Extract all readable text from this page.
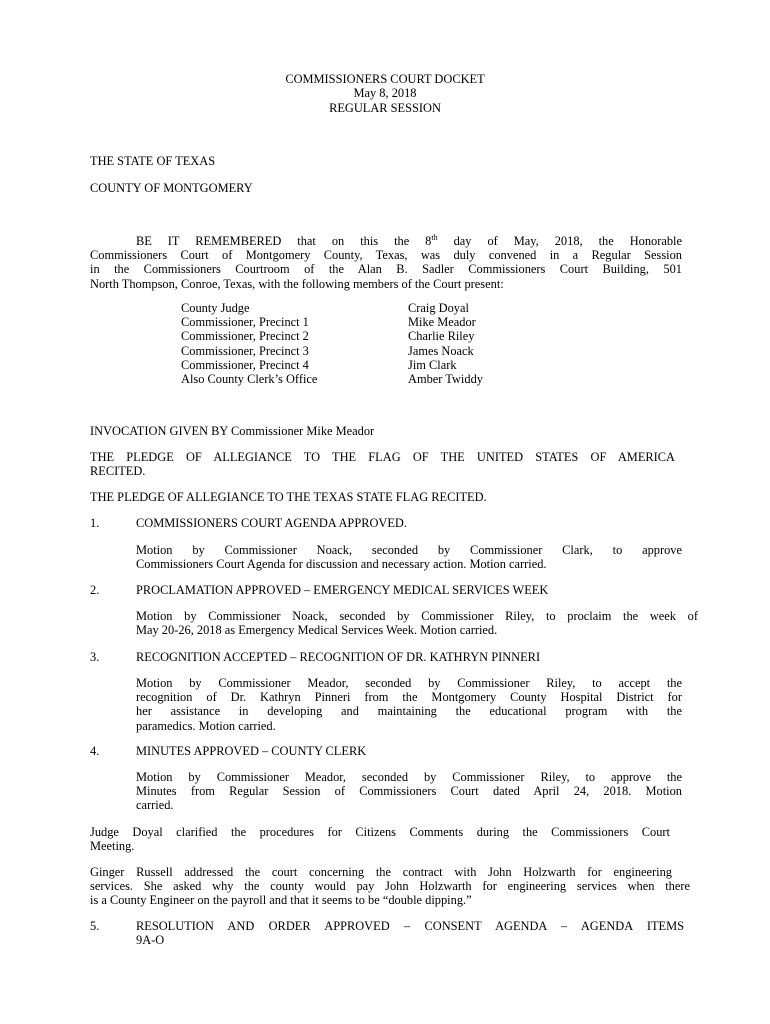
COMMISSIONERS COURT DOCKET
May 8, 2018
REGULAR SESSION
THE STATE OF TEXAS
COUNTY OF MONTGOMERY
BE IT REMEMBERED that on this the 8th day of May, 2018, the Honorable
Commissioners Court of Montgomery County, Texas, was duly convened in a Regular Session
in the Commissioners Courtroom of the Alan B. Sadler Commissioners Court Building, 501
North Thompson, Conroe, Texas, with the following members of the Court present:
County Judge	Craig Doyal
Commissioner, Precinct 1	Mike Meador
Commissioner, Precinct 2	Charlie Riley
Commissioner, Precinct 3	James Noack
Commissioner, Precinct 4	Jim Clark
Also County Clerk’s Office	Amber Twiddy
INVOCATION GIVEN BY Commissioner Mike Meador
THE PLEDGE OF ALLEGIANCE TO THE FLAG OF THE UNITED STATES OF AMERICA
RECITED.
THE PLEDGE OF ALLEGIANCE TO THE TEXAS STATE FLAG RECITED.
1.	COMMISSIONERS COURT AGENDA APPROVED.
Motion by Commissioner Noack, seconded by Commissioner Clark, to approve
Commissioners Court Agenda for discussion and necessary action. Motion carried.
2.	PROCLAMATION APPROVED – EMERGENCY MEDICAL SERVICES WEEK
Motion by Commissioner Noack, seconded by Commissioner Riley, to proclaim the week of
May 20-26, 2018 as Emergency Medical Services Week. Motion carried.
3.	RECOGNITION ACCEPTED – RECOGNITION OF DR. KATHRYN PINNERI
Motion by Commissioner Meador, seconded by Commissioner Riley, to accept the
recognition of Dr. Kathryn Pinneri from the Montgomery County Hospital District for
her assistance in developing and maintaining the educational program with the
paramedics. Motion carried.
4.	MINUTES APPROVED – COUNTY CLERK
Motion by Commissioner Meador, seconded by Commissioner Riley, to approve the
Minutes from Regular Session of Commissioners Court dated April 24, 2018. Motion
carried.
Judge Doyal clarified the procedures for Citizens Comments during the Commissioners Court
Meeting.
Ginger Russell addressed the court concerning the contract with John Holzwarth for engineering
services. She asked why the county would pay John Holzwarth for engineering services when there
is a County Engineer on the payroll and that it seems to be “double dipping.”
5.	RESOLUTION AND ORDER APPROVED – CONSENT AGENDA – AGENDA ITEMS
9A-O
